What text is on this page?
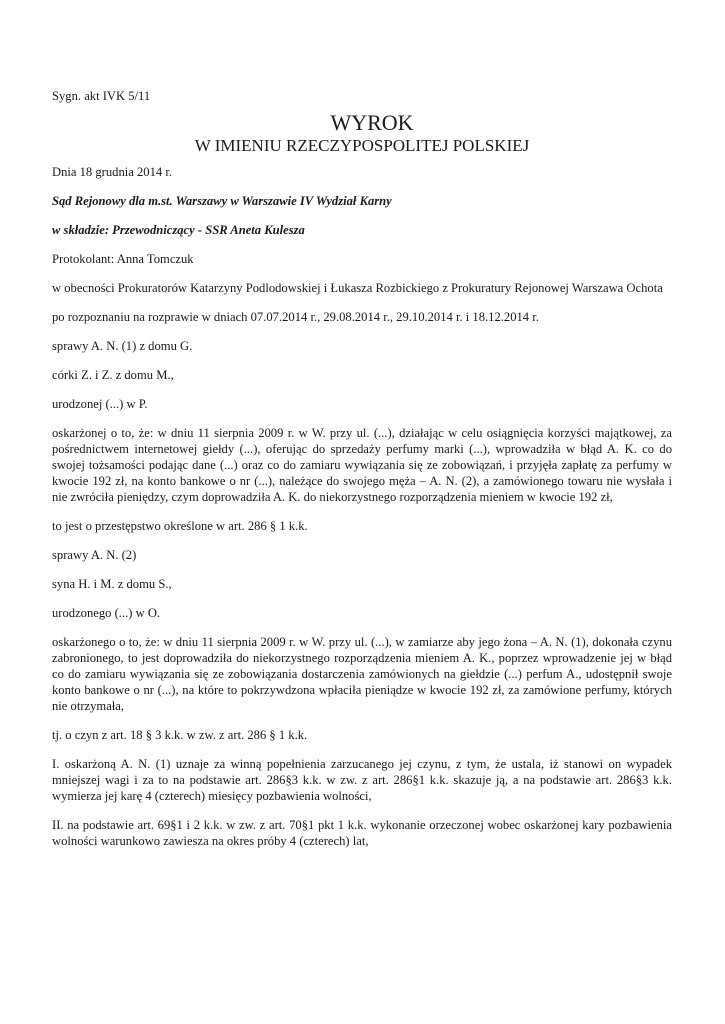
Sygn. akt IVK 5/11
WYROK
W IMIENIU RZECZYPOSPOLITEJ POLSKIEJ

Dnia 18 grudnia 2014 r.

Sąd Rejonowy dla m.st. Warszawy w Warszawie IV Wydział Karny

w składzie: Przewodniczący - SSR Aneta Kulesza

Protokolant: Anna Tomczuk

w obecności Prokuratorów Katarzyny Podlodowskiej i Łukasza Rozbickiego z Prokuratury Rejonowej Warszawa Ochota

po rozpoznaniu na rozprawie w dniach 07.07.2014 r., 29.08.2014 r., 29.10.2014 r. i 18.12.2014 r.

sprawy A. N. (1) z domu G.

córki Z. i Z. z domu M.,

urodzonej (...) w P.

oskarżonej o to, że: w dniu 11 sierpnia 2009 r. w W. przy ul. (...), działając w celu osiągnięcia korzyści majątkowej, za pośrednictwem internetowej giełdy (...), oferując do sprzedaży perfumy marki (...), wprowadziła w błąd A. K. co do swojej tożsamości podając dane (...) oraz co do zamiaru wywiązania się ze zobowiązań, i przyjęła zapłatę za perfumy w kwocie 192 zł, na konto bankowe o nr (...), należące do swojego męża – A. N. (2), a zamówionego towaru nie wysłała i nie zwróciła pieniędzy, czym doprowadziła A. K. do niekorzystnego rozporządzenia mieniem w kwocie 192 zł,

to jest o przestępstwo określone w art. 286 § 1 k.k.

sprawy A. N. (2)

syna H. i M. z domu S.,

urodzonego (...) w O.

oskarżonego o to, że: w dniu 11 sierpnia 2009 r. w W. przy ul. (...), w zamiarze aby jego żona – A. N. (1), dokonała czynu zabronionego, to jest doprowadziła do niekorzystnego rozporządzenia mieniem A. K., poprzez wprowadzenie jej w błąd co do zamiaru wywiązania się ze zobowiązania dostarczenia zamówionych na giełdzie (...) perfum A., udostępnił swoje konto bankowe o nr (...), na które to pokrzywdzona wpłaciła pieniądze w kwocie 192 zł, za zamówione perfumy, których nie otrzymała,

tj. o czyn z art. 18 § 3 k.k. w zw. z art. 286 § 1 k.k.

I. oskarżoną A. N. (1) uznaje za winną popełnienia zarzucanego jej czynu, z tym, że ustala, iż stanowi on wypadek mniejszej wagi i za to na podstawie art. 286§3 k.k. w zw. z art. 286§1 k.k. skazuje ją, a na podstawie art. 286§3 k.k. wymierza jej karę 4 (czterech) miesięcy pozbawienia wolności,

II. na podstawie art. 69§1 i 2 k.k. w zw. z art. 70§1 pkt 1 k.k. wykonanie orzeczonej wobec oskarżonej kary pozbawienia wolności warunkowo zawiesza na okres próby 4 (czterech) lat,
